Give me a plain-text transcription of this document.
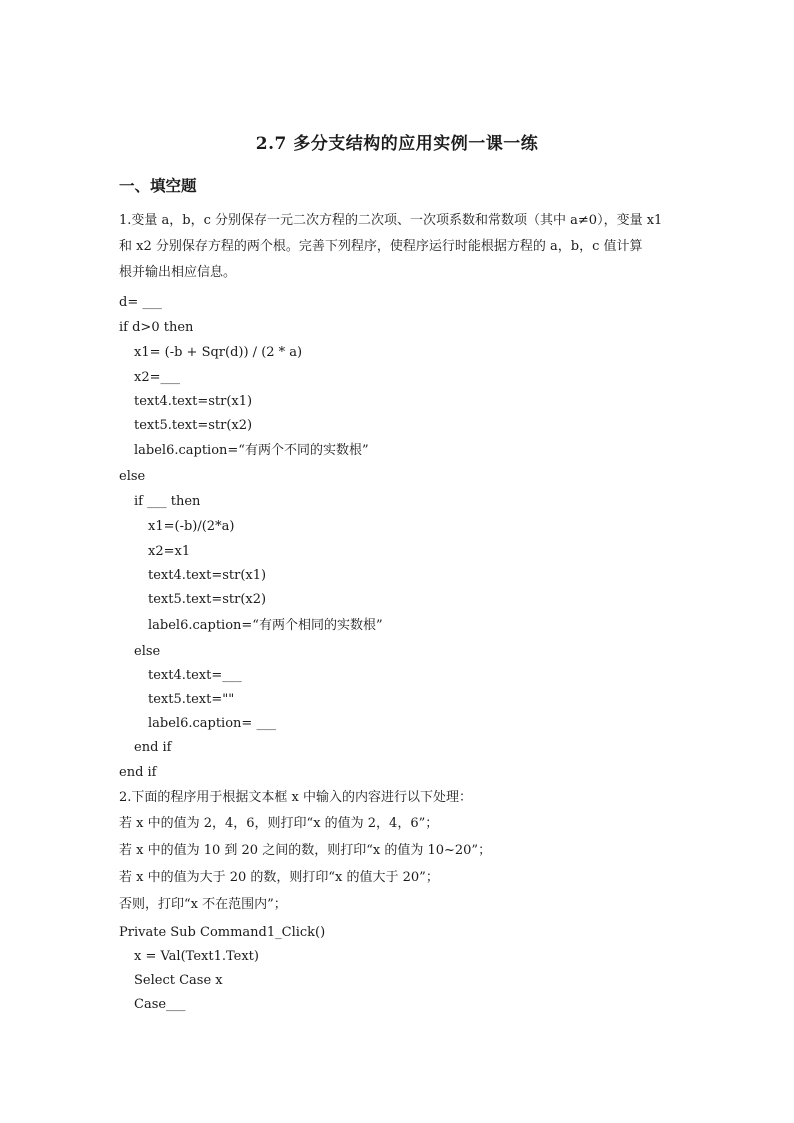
2.7 多分支结构的应用实例一课一练
一、填空题
1.变量 a，b，c 分别保存一元二次方程的二次项、一次项系数和常数项（其中 a≠0），变量 x1
和 x2 分别保存方程的两个根。完善下列程序，使程序运行时能根据方程的 a，b，c 值计算
根并输出相应信息。
d= ___
if d>0 then
x1= (-b + Sqr(d)) / (2 * a)
x2=___
text4.text=str(x1)
text5.text=str(x2)
label6.caption=“有两个不同的实数根”
else
if ___ then
x1=(-b)/(2*a)
x2=x1
text4.text=str(x1)
text5.text=str(x2)
label6.caption=“有两个相同的实数根”
else
text4.text=___
text5.text=""
label6.caption= ___
end if
end if
2.下面的程序用于根据文本框 x 中输入的内容进行以下处理：
若 x 中的值为 2，4，6，则打印“x 的值为 2，4，6”；
若 x 中的值为 10 到 20 之间的数，则打印“x 的值为 10~20”；
若 x 中的值为大于 20 的数，则打印“x 的值大于 20”；
否则，打印“x 不在范围内”；
Private Sub Command1_Click()
x = Val(Text1.Text)
Select Case x
Case___
